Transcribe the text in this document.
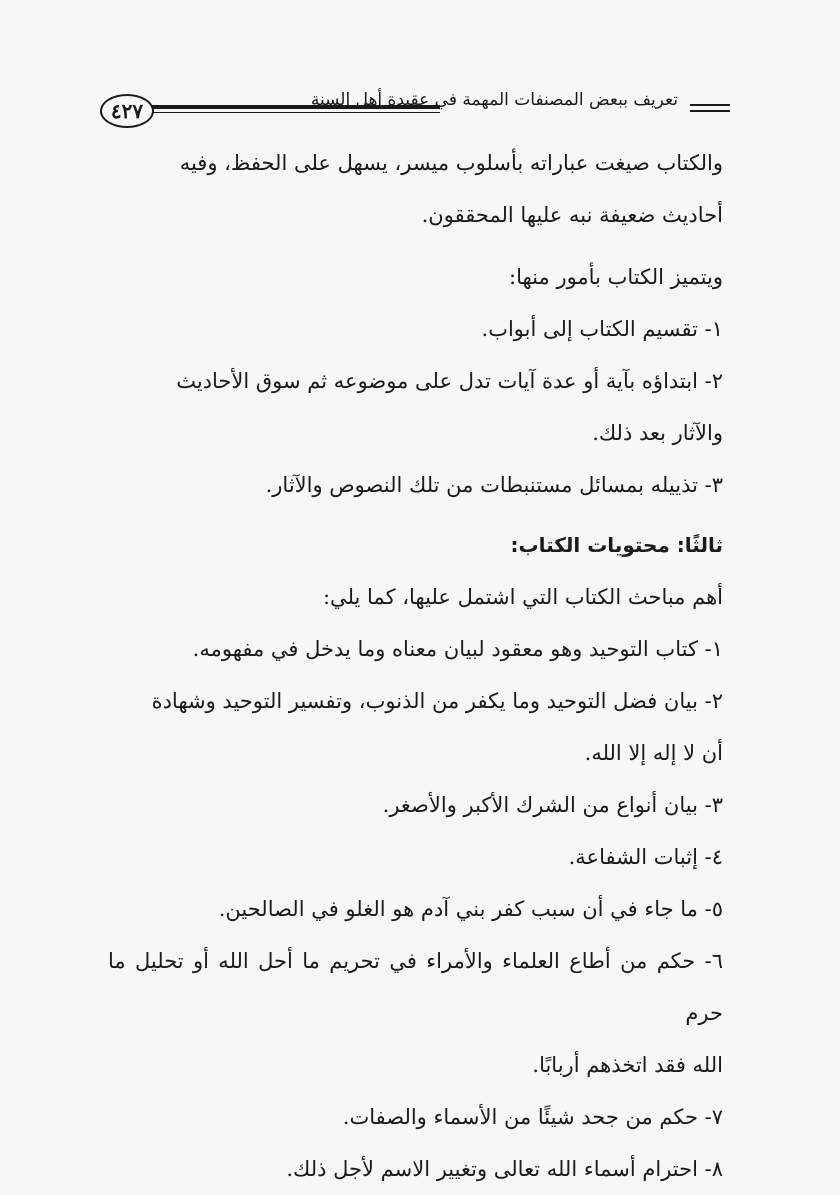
٤٢٧	تعريف ببعض المصنفات المهمة في عقيدة أهل السنة

والكتاب صيغت عباراته بأسلوب ميسر، يسهل على الحفظ، وفيه

أحاديث ضعيفة نبه عليها المحققون.

ويتميز الكتاب بأمور منها:

١- تقسيم الكتاب إلى أبواب.

٢- ابتداؤه بآية أو عدة آيات تدل على موضوعه ثم سوق الأحاديث

والآثار بعد ذلك.

٣- تذييله بمسائل مستنبطات من تلك النصوص والآثار.

ثالثًا: محتويات الكتاب:

أهم مباحث الكتاب التي اشتمل عليها، كما يلي:

١- كتاب التوحيد وهو معقود لبيان معناه وما يدخل في مفهومه.

٢- بيان فضل التوحيد وما يكفر من الذنوب، وتفسير التوحيد وشهادة

أن لا إله إلا الله.

٣- بيان أنواع من الشرك الأكبر والأصغر.

٤- إثبات الشفاعة.

٥- ما جاء في أن سبب كفر بني آدم هو الغلو في الصالحين.

٦- حكم من أطاع العلماء والأمراء في تحريم ما أحل الله أو تحليل ما حرم

الله فقد اتخذهم أربابًا.

٧- حكم من جحد شيئًا من الأسماء والصفات.

٨- احترام أسماء الله تعالى وتغيير الاسم لأجل ذلك.
